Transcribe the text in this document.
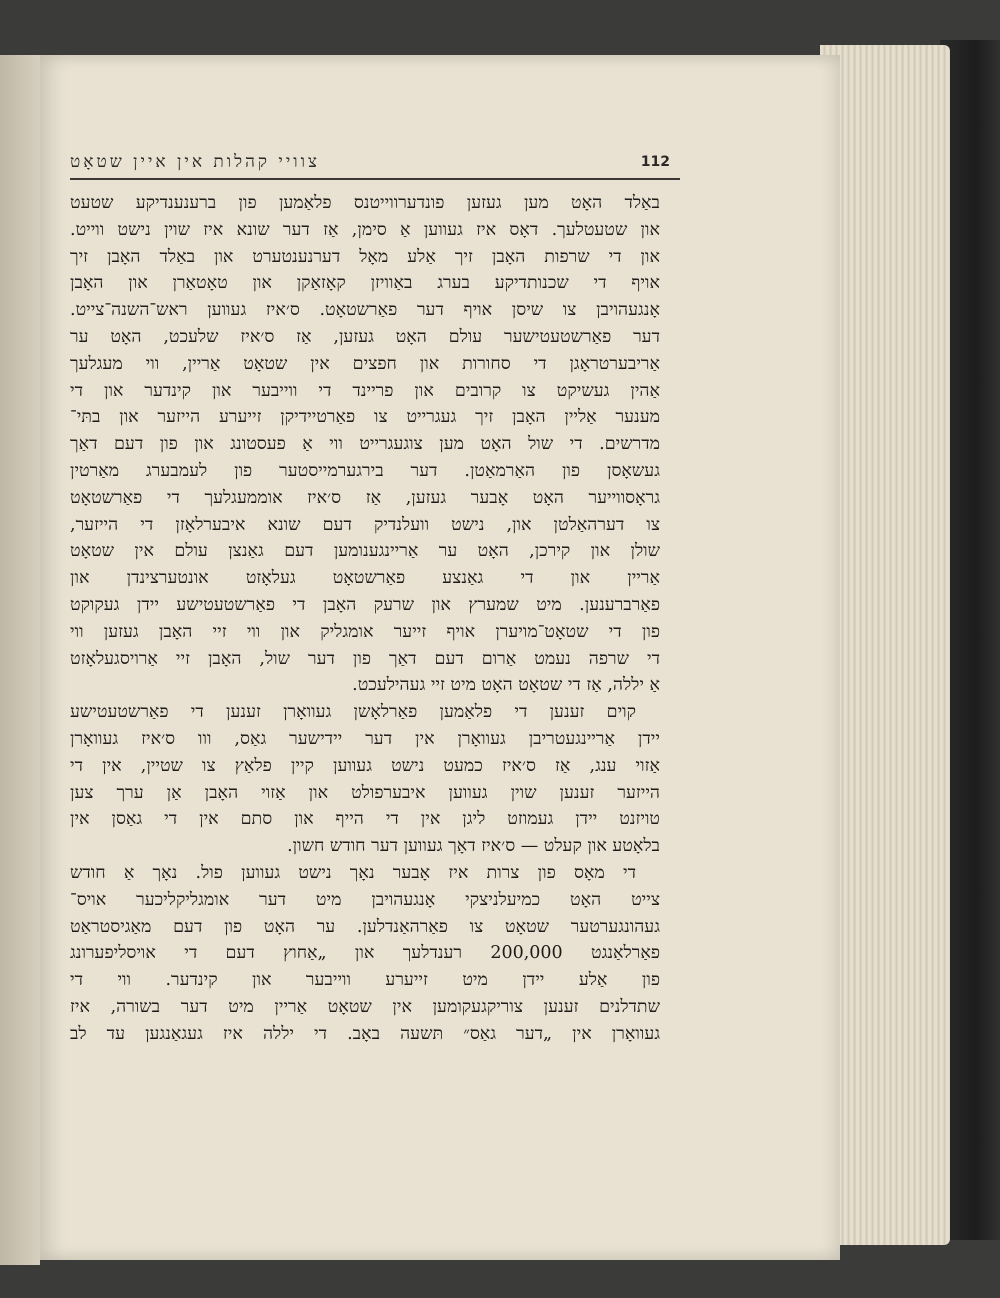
צוויי קהלות אין איין שטאָט	112
באַלד האָט מען געזען פונדערווייטנס פלאַמען פון ברענענדיקע שטעט
און שטעטלעך. דאָס איז געווען אַ סימן, אַז דער שונא איז שוין נישט ווייט.
און די שרפות האָבן זיך אַלע מאָל דערנענטערט און באַלד האָבן זיך
אויף די שכנותדיקע בערג באַוויזן קאָזאַקן און טאָטאַרן און האָבן
אָנגעהויבן צו שיסן אויף דער פאַרשטאָט. ס׳איז געווען ראש־השנה־צייט.
דער פאַרשטעטישער עולם האָט געזען, אַז ס׳איז שלעכט, האָט ער
אַריבערטראָגן די סחורות און חפצים אין שטאָט אַריין, ווי מעגלעך
אַהין געשיקט צו קרובים און פריינד די ווייבער און קינדער און די
מענער אַליין האָבן זיך געגרייט צו פאַרטיידיקן זייערע הייזער און בתּי־
מדרשים. די שול האָט מען צוגעגרייט ווי אַ פעסטונג און פון דעם דאַך
געשאָסן פון האַרמאַטן. דער בירגערמייסטער פון לעמבערג מאַרטין
גראָסווייער האָט אָבער געזען, אַז ס׳איז אוממעגלעך די פאַרשטאָט
צו דערהאַלטן און, נישט וועלנדיק דעם שונא איבערלאָזן די הייזער,
שולן און קירכן, האָט ער אַריינגענומען דעם גאַנצן עולם אין שטאָט
אַריין און די גאַנצע פאַרשטאָט געלאָזט אונטערצינדן און
פאַרברענען. מיט שמערץ און שרעק האָבן די פאַרשטעטישע יידן געקוקט
פון די שטאָט־מויערן אויף זייער אומגליק און ווי זיי האָבן געזען ווי
די שרפה נעמט אַרום דעם דאַך פון דער שול, האָבן זיי אַרויסגעלאָזט
אַ יללה, אַז די שטאָט האָט מיט זיי געהילעכט.
קוים זענען די פלאַמען פאַרלאָשן געוואָרן זענען די פאַרשטעטישע
יידן אַריינגעטריבן געוואָרן אין דער יידישער גאַס, ווו ס׳איז געוואָרן
אַזוי ענג, אַז ס׳איז כמעט נישט געווען קיין פלאַץ צו שטיין, אין די
הייזער זענען שוין געווען איבערפולט און אַזוי האָבן אַן ערך צען
טויזנט יידן געמוזט ליגן אין די הייף און סתם אין די גאַסן אין
בלאָטע און קעלט — ס׳איז דאָך געווען דער חודש חשון.
די מאָס פון צרות איז אָבער נאָך נישט געווען פול. נאָך אַ חודש
צייט האָט כמיעלניצקי אָנגעהויבן מיט דער אומגליקליכער אויס־
געהונגערטער שטאָט צו פאַרהאַנדלען. ער האָט פון דעם מאַגיסטראַט
פאַרלאַנגט 200,000 רענדלעך און „אַחוץ דעם די אויסליפערונג
פון אַלע יידן מיט זייערע ווייבער און קינדער. ווי די
שתדלנים זענען צוריקגעקומען אין שטאָט אַריין מיט דער בשורה, איז
געוואָרן אין „דער גאַס״ תּשעה באָב. די יללה איז געגאַנגען עד לב
